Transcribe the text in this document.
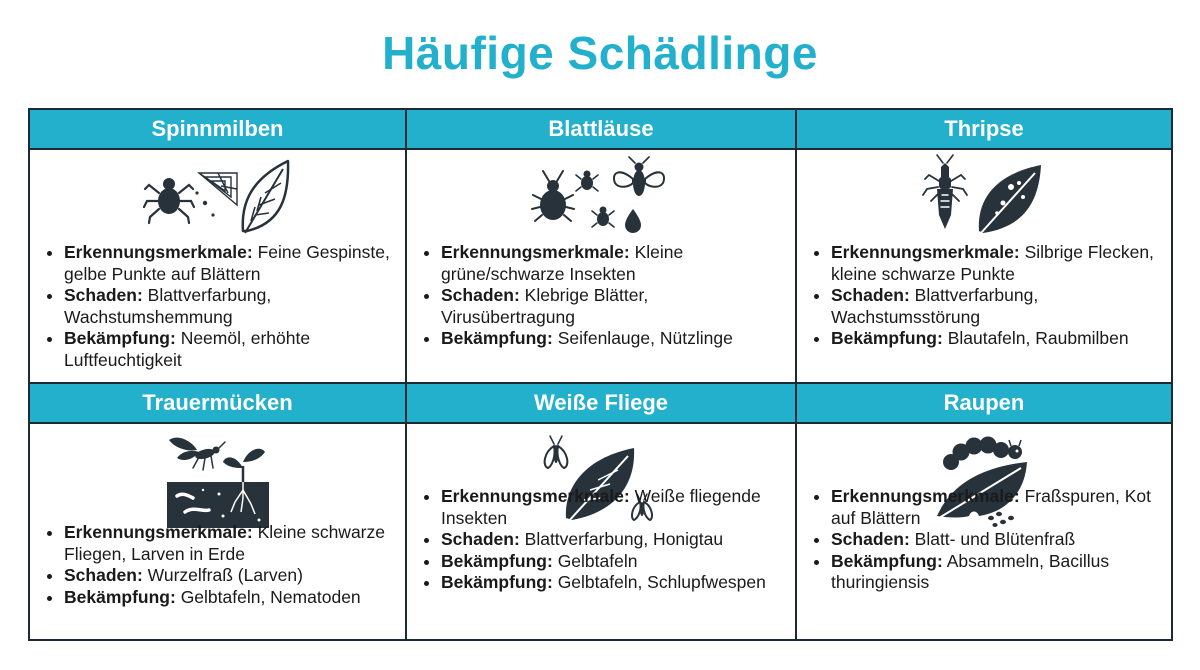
Häufige Schädlinge
Spinnmilben
• Erkennungsmerkmale: Feine Gespinste, gelbe Punkte auf Blättern
• Schaden: Blattverfarbung, Wachstumshemmung
• Bekämpfung: Neemöl, erhöhte Luftfeuchtigkeit
Blattläuse
• Erkennungsmerkmale: Kleine grüne/schwarze Insekten
• Schaden: Klebrige Blätter, Virusübertragung
• Bekämpfung: Seifenlauge, Nützlinge
Thripse
• Erkennungsmerkmale: Silbrige Flecken, kleine schwarze Punkte
• Schaden: Blattverfarbung, Wachstumsstörung
• Bekämpfung: Blautafeln, Raubmilben
Trauermücken
• Erkennungsmerkmale: Kleine schwarze Fliegen, Larven in Erde
• Schaden: Wurzelfraß (Larven)
• Bekämpfung: Gelbtafeln, Nematoden
Weiße Fliege
• Erkennungsmerkmale: Weiße fliegende Insekten
• Schaden: Blattverfarbung, Honigtau
• Bekämpfung: Gelbtafeln
• Bekämpfung: Gelbtafeln, Schlupfwespen
Raupen
• Erkennungsmerkmale: Fraßspuren, Kot auf Blättern
• Schaden: Blatt- und Blütenfraß
• Bekämpfung: Absammeln, Bacillus thuringiensis
